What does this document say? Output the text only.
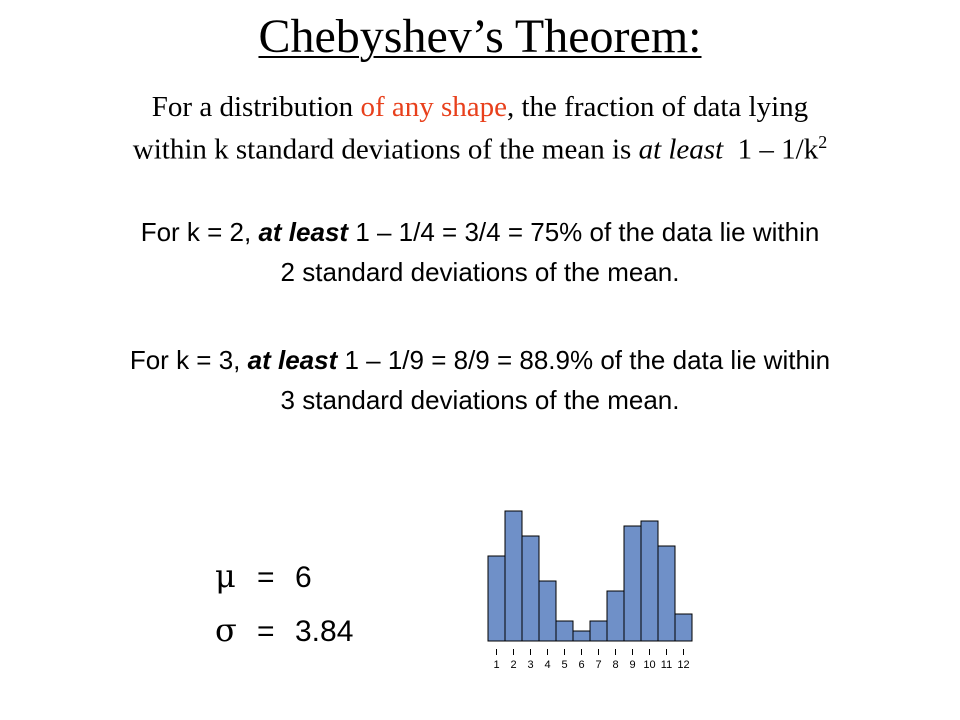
Chebyshev’s Theorem:
For a distribution of any shape, the fraction of data lying
within k standard deviations of the mean is at least $1 - 1/k^2$
For k = 2, at least 1 – 1/4 = 3/4 = 75% of the data lie within
2 standard deviations of the mean.
For k = 3, at least 1 – 1/9 = 8/9 = 88.9% of the data lie within
3 standard deviations of the mean.
μ = 6
σ = 3.84
1 2 3 4 5 6 7 8 9 10 11 12
